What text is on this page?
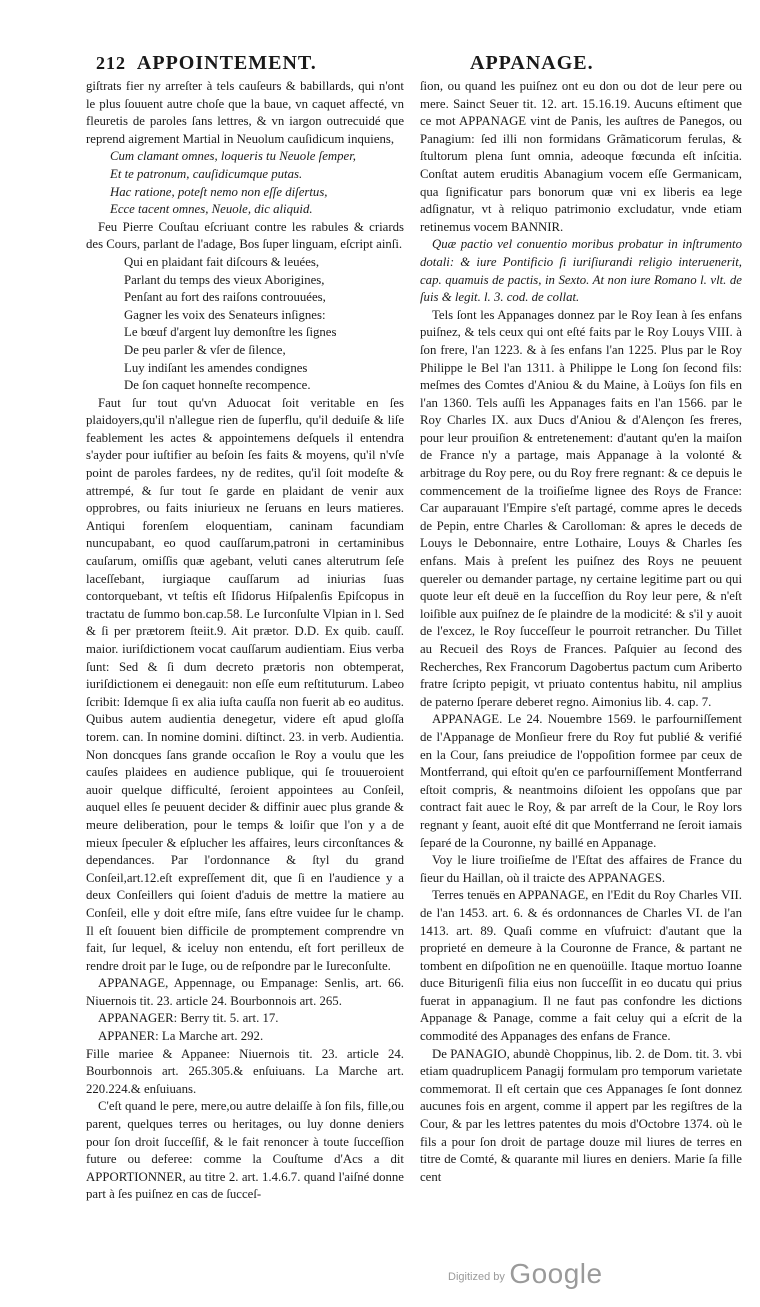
212 APPOINTEMENT.	APPANAGE.

giſtrats fier ny arreſter à tels cauſeurs & babillards, qui n'ont le plus ſouuent autre choſe que la baue, vn caquet affecté, vn fleuretis de paroles ſans lettres, & vn iargon outrecuidé que reprend aigrement Martial in Neuolum cauſidicum inquiens,

Cum clamant omnes, loqueris tu Neuole ſemper,

Et te patronum, cauſidicumque putas.

Hac ratione, poteſt nemo non eſſe diſertus,

Ecce tacent omnes, Neuole, dic aliquid.

Feu Pierre Couſtau eſcriuant contre les rabules & criards des Cours, parlant de l'adage, Bos ſuper linguam, eſcript ainſi.

Qui en plaidant fait diſcours & leuées,

Parlant du temps des vieux Aborigines,

Penſant au fort des raiſons controuuées,

Gagner les voix des Senateurs inſignes:

Le bœuf d'argent luy demonſtre les ſignes

De peu parler & vſer de ſilence,

Luy indiſant les amendes condignes

De ſon caquet honneſte recompence.

Faut ſur tout qu'vn Aduocat ſoit veritable en ſes plaidoyers,qu'il n'allegue rien de ſuperflu, qu'il deduiſe & liſe feablement les actes & appointemens deſquels il entendra s'ayder pour iuſtifier au beſoin ſes faits & moyens, qu'il n'vſe point de paroles fardees, ny de redites, qu'il ſoit modeſte & attrempé, & ſur tout ſe garde en plaidant de venir aux opprobres, ou faits iniurieux ne ſeruans en leurs matieres. Antiqui forenſem eloquentiam, caninam facundiam nuncupabant, eo quod cauſſarum,patroni in certaminibus cauſarum, omiſſis quæ agebant, veluti canes alterutrum ſeſe laceſſebant, iurgiaque cauſſarum ad iniurias ſuas contorquebant, vt teſtis eſt Iſidorus Hiſpalenſis Epiſcopus in tractatu de ſummo bon.cap.58. Le Iurconſulte Vlpian in l. Sed & ſi per prætorem ſteiit.9. Ait prætor. D.D. Ex quib. cauſſ. maior. iuriſdictionem vocat cauſſarum audientiam. Eius verba ſunt: Sed & ſi dum decreto prætoris non obtemperat, iuriſdictionem ei denegauit: non eſſe eum reſtituturum. Labeo ſcribit: Idemque ſi ex alia iuſta cauſſa non fuerit ab eo auditus. Quibus autem audientia denegetur, videre eſt apud gloſſa torem. can. In nomine domini. diſtinct. 23. in verb. Audientia. Non doncques ſans grande occaſion le Roy a voulu que les cauſes plaidees en audience publique, qui ſe trouueroient auoir quelque difficulté, ſeroient appointees au Conſeil, auquel elles ſe peuuent decider & diffinir auec plus grande & meure deliberation, pour le temps & loiſir que l'on y a de mieux ſpeculer & eſplucher les affaires, leurs circonſtances & dependances. Par l'ordonnance & ſtyl du grand Conſeil,art.12.eſt expreſſement dit, que ſi en l'audience y a deux Conſeillers qui ſoient d'aduis de mettre la matiere au Conſeil, elle y doit eſtre miſe, ſans eſtre vuidee ſur le champ. Il eſt ſouuent bien difficile de promptement comprendre vn fait, ſur lequel, & iceluy non entendu, eſt fort perilleux de rendre droit par le Iuge, ou de reſpondre par le Iureconſulte.

APPANAGE, Appennage, ou Empanage: Senlis, art. 66. Niuernois tit. 23. article 24. Bourbonnois art. 265.

APPANAGER: Berry tit. 5. art. 17.

APPANER: La Marche art. 292.

Fille mariee & Appanee: Niuernois tit. 23. article 24. Bourbonnois art. 265.305.& enſuiuans. La Marche art. 220.224.& enſuiuans.

C'eſt quand le pere, mere,ou autre delaiſſe à ſon fils, fille,ou parent, quelques terres ou heritages, ou luy donne deniers pour ſon droit ſucceſſif, & le fait renoncer à toute ſucceſſion future ou deferee: comme la Couſtume d'Acs a dit APPORTIONNER, au titre 2. art. 1.4.6.7. quand l'aiſné donne part à ſes puiſnez en cas de ſucceſ-

ſion, ou quand les puiſnez ont eu don ou dot de leur pere ou mere. Sainct Seuer tit. 12. art. 15.16.19. Aucuns eſtiment que ce mot APPANAGE vint de Panis, les auſtres de Panegos, ou Panagium: ſed illi non formidans Grãmaticorum ferulas, & ſtultorum plena ſunt omnia, adeoque fœcunda eſt inſcitia. Conſtat autem eruditis Abanagium vocem eſſe Germanicam, qua ſignificatur pars bonorum quæ vni ex liberis ea lege adſignatur, vt à reliquo patrimonio excludatur, vnde etiam retinemus vocem BANNIR.

Quæ pactio vel conuentio moribus probatur in inſtrumento dotali: & iure Pontificio ſi iuriſiurandi religio interuenerit, cap. quamuis de pactis, in Sexto. At non iure Romano l. vlt. de ſuis & legit. l. 3. cod. de collat.

Tels ſont les Appanages donnez par le Roy Iean à ſes enfans puiſnez, & tels ceux qui ont eſté faits par le Roy Louys VIII. à ſon frere, l'an 1223. & à ſes enfans l'an 1225. Plus par le Roy Philippe le Bel l'an 1311. à Philippe le Long ſon ſecond fils: meſmes des Comtes d'Aniou & du Maine, à Loüys ſon fils en l'an 1360. Tels auſſi les Appanages faits en l'an 1566. par le Roy Charles IX. aux Ducs d'Aniou & d'Alençon ſes freres, pour leur prouiſion & entretenement: d'autant qu'en la maiſon de France n'y a partage, mais Appanage à la volonté & arbitrage du Roy pere, ou du Roy frere regnant: & ce depuis le commencement de la troiſieſme lignee des Roys de France: Car auparauant l'Empire s'eſt partagé, comme apres le deceds de Pepin, entre Charles & Carolloman: & apres le deceds de Louys le Debonnaire, entre Lothaire, Louys & Charles ſes enfans. Mais à preſent les puiſnez des Roys ne peuuent quereler ou demander partage, ny certaine legitime part ou qui quote leur eſt deuë en la ſucceſſion du Roy leur pere, & n'eſt loiſible aux puiſnez de ſe plaindre de la modicité: & s'il y auoit de l'excez, le Roy ſucceſſeur le pourroit retrancher. Du Tillet au Recueil des Roys de Frances. Paſquier au ſecond des Recherches, Rex Francorum Dagobertus pactum cum Ariberto fratre ſcripto pepigit, vt priuato contentus habitu, nil amplius de paterno ſperare deberet regno. Aimonius lib. 4. cap. 7.

APPANAGE. Le 24. Nouembre 1569. le parfourniſſement de l'Appanage de Monſieur frere du Roy fut publié & verifié en la Cour, ſans preiudice de l'oppoſition formee par ceux de Montferrand, qui eſtoit qu'en ce parfourniſſement Montferrand eſtoit compris, & neantmoins diſoient les oppoſans que par contract fait auec le Roy, & par arreſt de la Cour, le Roy lors regnant y ſeant, auoit eſté dit que Montferrand ne ſeroit iamais ſeparé de la Couronne, ny baillé en Appanage.

Voy le liure troiſieſme de l'Eſtat des affaires de France du ſieur du Haillan, où il traicte des APPANAGES.

Terres tenuës en APPANAGE, en l'Edit du Roy Charles VII. de l'an 1453. art. 6. & és ordonnances de Charles VI. de l'an 1413. art. 89. Quaſi comme en vſufruict: d'autant que la proprieté en demeure à la Couronne de France, & partant ne tombent en diſpoſition ne en quenoüille. Itaque mortuo Ioanne duce Biturigenſi filia eius non ſucceſſit in eo ducatu qui prius fuerat in appanagium. Il ne faut pas confondre les dictions Appanage & Panage, comme a fait celuy qui a eſcrit de la commodité des Appanages des enfans de France.

De PANAGIO, abundè Choppinus, lib. 2. de Dom. tit. 3. vbi etiam quadruplicem Panagij formulam pro temporum varietate commemorat. Il eſt certain que ces Appanages ſe ſont donnez aucunes fois en argent, comme il appert par les regiſtres de la Cour, & par les lettres patentes du mois d'Octobre 1374. où le fils a pour ſon droit de partage douze mil liures de terres en titre de Comté, & quarante mil liures en deniers. Marie ſa fille cent

Digitized by Google
